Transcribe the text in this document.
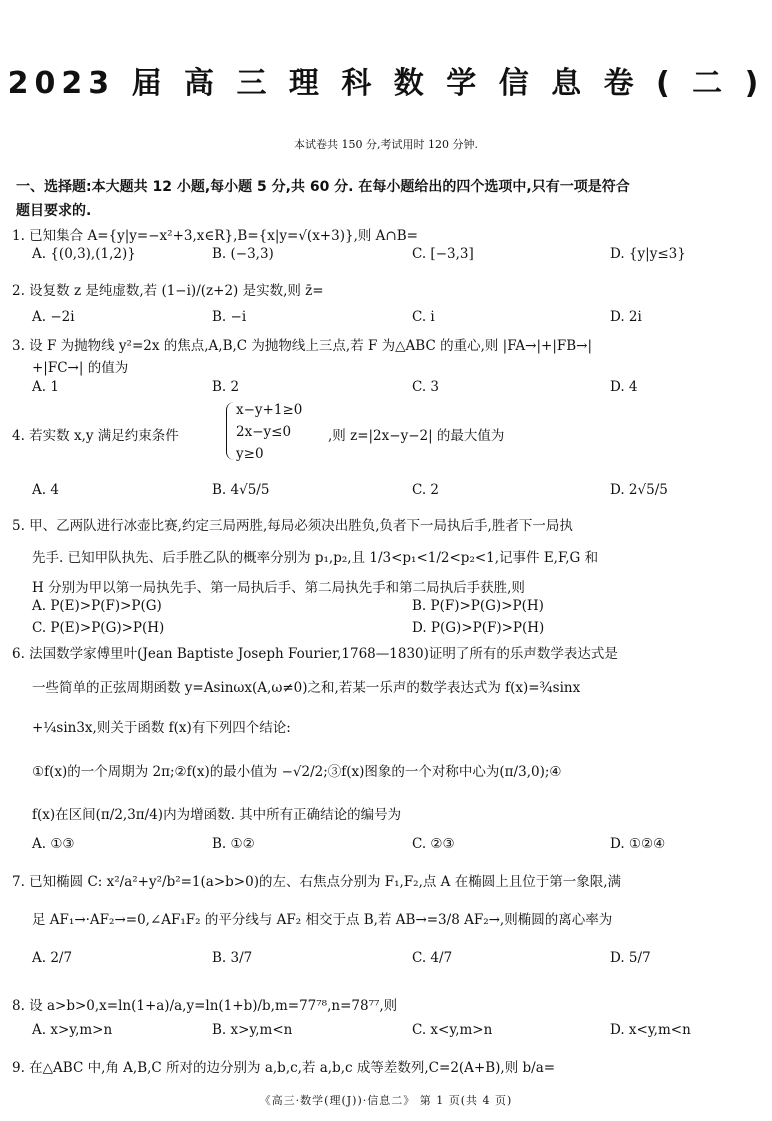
2023 届 高 三 理 科 数 学 信 息 卷 ( 二 )
本试卷共 150 分,考试用时 120 分钟.
一、选择题:本大题共 12 小题,每小题 5 分,共 60 分. 在每小题给出的四个选项中,只有一项是符合
题目要求的.
1. 已知集合 A={y|y=−x²+3,x∈R},B={x|y=√(x+3)},则 A∩B=
A. {(0,3),(1,2)}	B. (−3,3)	C. [−3,3]	D. {y|y≤3}
2. 设复数 z 是纯虚数,若 (1−i)/(z+2) 是实数,则 z̄=
A. −2i	B. −i	C. i	D. 2i
3. 设 F 为抛物线 y²=2x 的焦点,A,B,C 为抛物线上三点,若 F 为△ABC 的重心,则 |FA→|+|FB→|
+|FC→| 的值为
A. 1	B. 2	C. 3	D. 4
4. 若实数 x,y 满足约束条件
x−y+1≥0
2x−y≤0
y≥0
,则 z=|2x−y−2| 的最大值为
A. 4	B. 4√5/5	C. 2	D. 2√5/5
5. 甲、乙两队进行冰壶比赛,约定三局两胜,每局必须决出胜负,负者下一局执后手,胜者下一局执
先手. 已知甲队执先、后手胜乙队的概率分别为 p₁,p₂,且 1/3<p₁<1/2<p₂<1,记事件 E,F,G 和
H 分别为甲以第一局执先手、第一局执后手、第二局执先手和第二局执后手获胜,则
A. P(E)>P(F)>P(G)	B. P(F)>P(G)>P(H)
C. P(E)>P(G)>P(H)	D. P(G)>P(F)>P(H)
6. 法国数学家傅里叶(Jean Baptiste Joseph Fourier,1768—1830)证明了所有的乐声数学表达式是
一些简单的正弦周期函数 y=Asinωx(A,ω≠0)之和,若某一乐声的数学表达式为 f(x)=¾sinx
+¼sin3x,则关于函数 f(x)有下列四个结论:
①f(x)的一个周期为 2π;②f(x)的最小值为 −√2/2;③f(x)图象的一个对称中心为(π/3,0);④
f(x)在区间(π/2,3π/4)内为增函数. 其中所有正确结论的编号为
A. ①③	B. ①②	C. ②③	D. ①②④
7. 已知椭圆 C: x²/a²+y²/b²=1(a>b>0)的左、右焦点分别为 F₁,F₂,点 A 在椭圆上且位于第一象限,满
足 AF₁→·AF₂→=0,∠AF₁F₂ 的平分线与 AF₂ 相交于点 B,若 AB→=3/8 AF₂→,则椭圆的离心率为
A. 2/7	B. 3/7	C. 4/7	D. 5/7
8. 设 a>b>0,x=ln(1+a)/a,y=ln(1+b)/b,m=77⁷⁸,n=78⁷⁷,则
A. x>y,m>n	B. x>y,m<n	C. x<y,m>n	D. x<y,m<n
9. 在△ABC 中,角 A,B,C 所对的边分别为 a,b,c,若 a,b,c 成等差数列,C=2(A+B),则 b/a=
《高三·数学(理(J))·信息二》 第 1 页(共 4 页)
